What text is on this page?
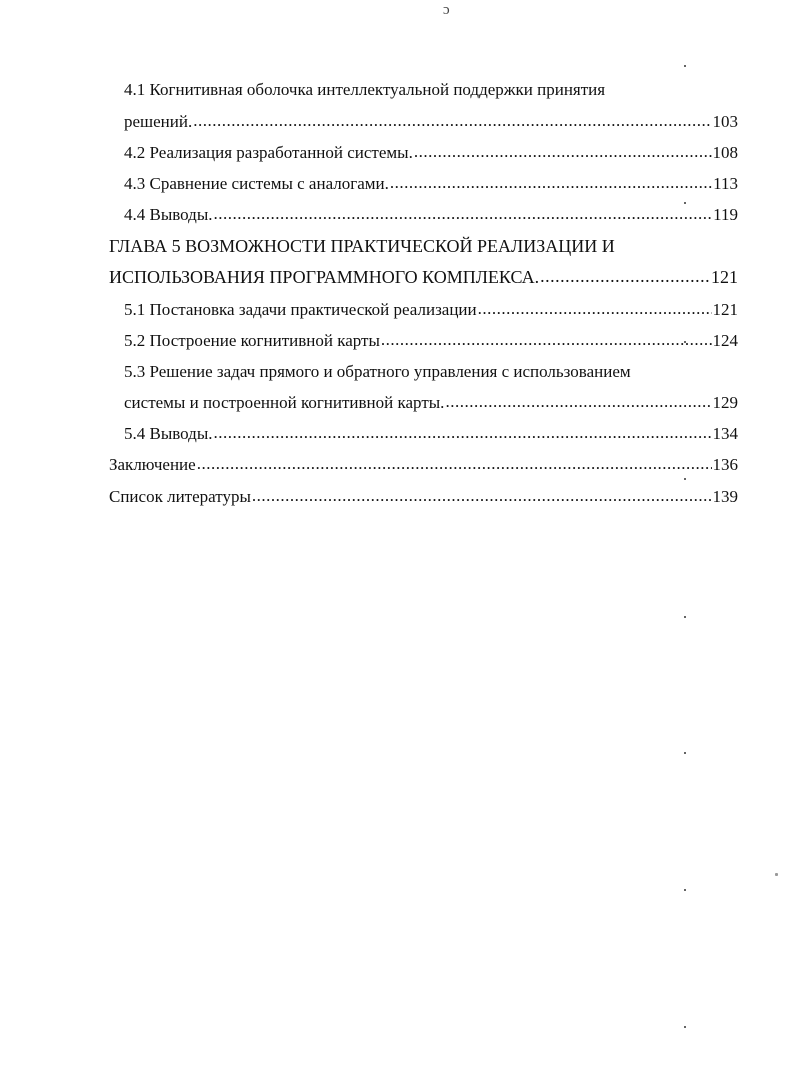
ɔ
4.1 Когнитивная оболочка интеллектуальной поддержки принятия
решений. .....	103
4.2 Реализация разработанной системы. .....	108
4.3 Сравнение системы с аналогами. .....	113
4.4 Выводы. .....	119
ГЛАВА 5 ВОЗМОЖНОСТИ ПРАКТИЧЕСКОЙ РЕАЛИЗАЦИИ И
ИСПОЛЬЗОВАНИЯ ПРОГРАММНОГО КОМПЛЕКСА. .....	121
5.1 Постановка задачи практической реализации .....	121
5.2 Построение когнитивной карты .....	124
5.3 Решение задач прямого и обратного управления с использованием
системы и построенной когнитивной карты. .....	129
5.4 Выводы. .....	134
Заключение .....	136
Список литературы .....	139
